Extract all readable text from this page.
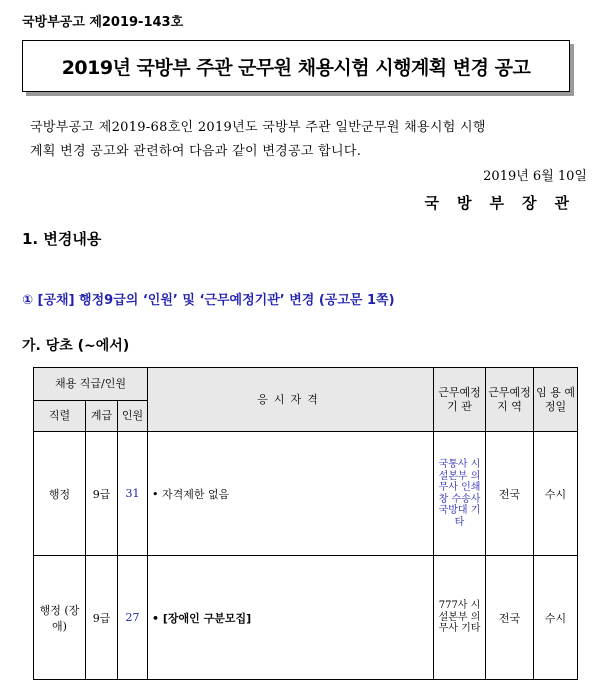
국방부공고 제2019-143호
2019년 국방부 주관 군무원 채용시험 시행계획 변경 공고
국방부공고 제2019-68호인 2019년도 국방부 주관 일반군무원 채용시험 시행
계획 변경 공고와 관련하여 다음과 같이 변경공고 합니다.
2019년 6월 10일
국방부장관
1. 변경내용
① [공채] 행정9급의 ‘인원’ 및 ‘근무예정기관’ 변경 (공고문 1쪽)
가. 당초 (~에서)
채용 직급/인원			응시자격	근무예정 기 관	근무예정 지 역	임 용 예정일
직렬	계급	인원				
행정	9급	31	• 자격제한 없음	국통사 시설본부 의무사 인쇄창 수송사 국방대 기타	전국	수시
행정 (장애)	9급	27	• [장애인 구분모집]	777사 시설본부 의무사 기타	전국	수시
